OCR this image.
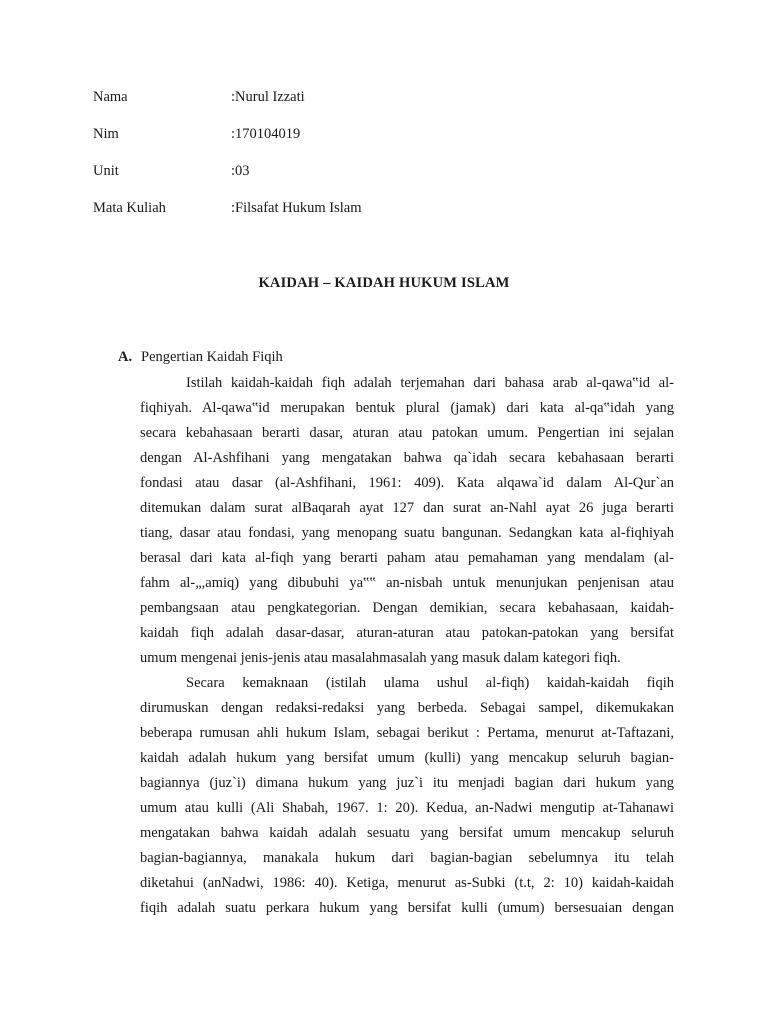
Nama	:Nurul Izzati
Nim	:170104019
Unit	:03
Mata Kuliah	:Filsafat Hukum Islam
KAIDAH – KAIDAH HUKUM ISLAM
A. Pengertian Kaidah Fiqih
Istilah kaidah-kaidah fiqh adalah terjemahan dari bahasa arab al-qawa‟id al-
fiqhiyah. Al-qawa‟id merupakan bentuk plural (jamak) dari kata al-qa‟idah yang
secara kebahasaan berarti dasar, aturan atau patokan umum. Pengertian ini sejalan
dengan Al-Ashfihani yang mengatakan bahwa qa`idah secara kebahasaan berarti
fondasi atau dasar (al-Ashfihani, 1961: 409). Kata alqawa`id dalam Al-Qur`an
ditemukan dalam surat alBaqarah ayat 127 dan surat an-Nahl ayat 26 juga berarti
tiang, dasar atau fondasi, yang menopang suatu bangunan. Sedangkan kata al-fiqhiyah
berasal dari kata al-fiqh yang berarti paham atau pemahaman yang mendalam (al-
fahm al-„,amiq) yang dibubuhi ya‟‟ an-nisbah untuk menunjukan penjenisan atau
pembangsaan atau pengkategorian. Dengan demikian, secara kebahasaan, kaidah-
kaidah fiqh adalah dasar-dasar, aturan-aturan atau patokan-patokan yang bersifat
umum mengenai jenis-jenis atau masalahmasalah yang masuk dalam kategori fiqh.
Secara kemaknaan (istilah ulama ushul al-fiqh) kaidah-kaidah fiqih
dirumuskan dengan redaksi-redaksi yang berbeda. Sebagai sampel, dikemukakan
beberapa rumusan ahli hukum Islam, sebagai berikut : Pertama, menurut at-Taftazani,
kaidah adalah hukum yang bersifat umum (kulli) yang mencakup seluruh bagian-
bagiannya (juz`i) dimana hukum yang juz`i itu menjadi bagian dari hukum yang
umum atau kulli (Ali Shabah, 1967. 1: 20). Kedua, an-Nadwi mengutip at-Tahanawi
mengatakan bahwa kaidah adalah sesuatu yang bersifat umum mencakup seluruh
bagian-bagiannya, manakala hukum dari bagian-bagian sebelumnya itu telah
diketahui (anNadwi, 1986: 40). Ketiga, menurut as-Subki (t.t, 2: 10) kaidah-kaidah
fiqih adalah suatu perkara hukum yang bersifat kulli (umum) bersesuaian dengan
